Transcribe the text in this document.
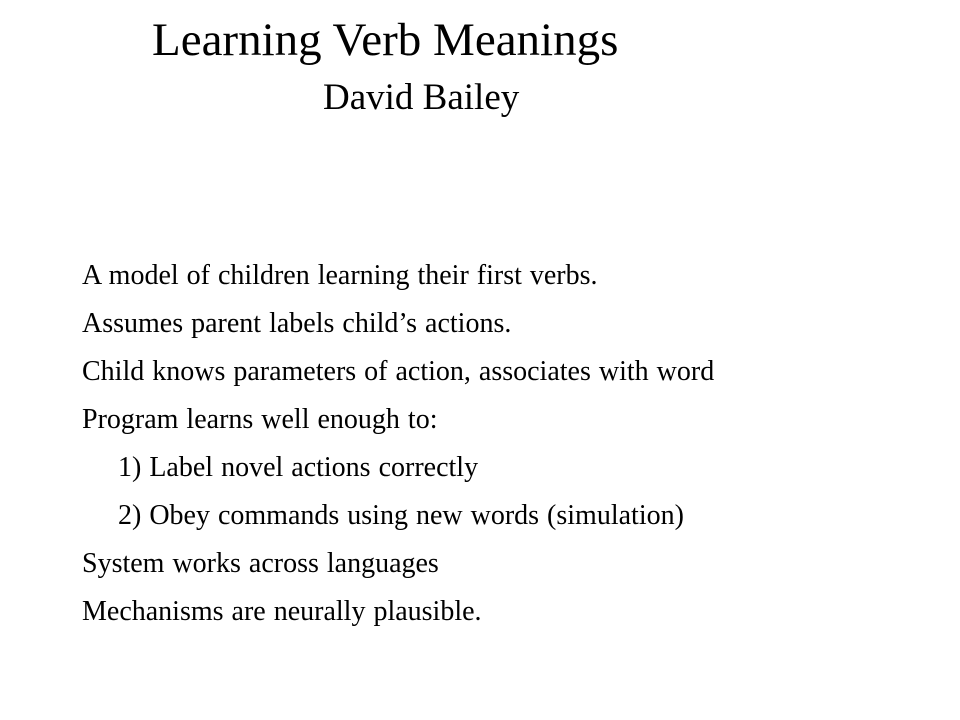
Learning Verb Meanings
David Bailey
A model of children learning their first verbs.
Assumes parent labels child’s actions.
Child knows parameters of action, associates with word
Program learns well enough to:
1) Label novel actions correctly
2) Obey commands using new words (simulation)
System works across languages
Mechanisms are neurally plausible.
